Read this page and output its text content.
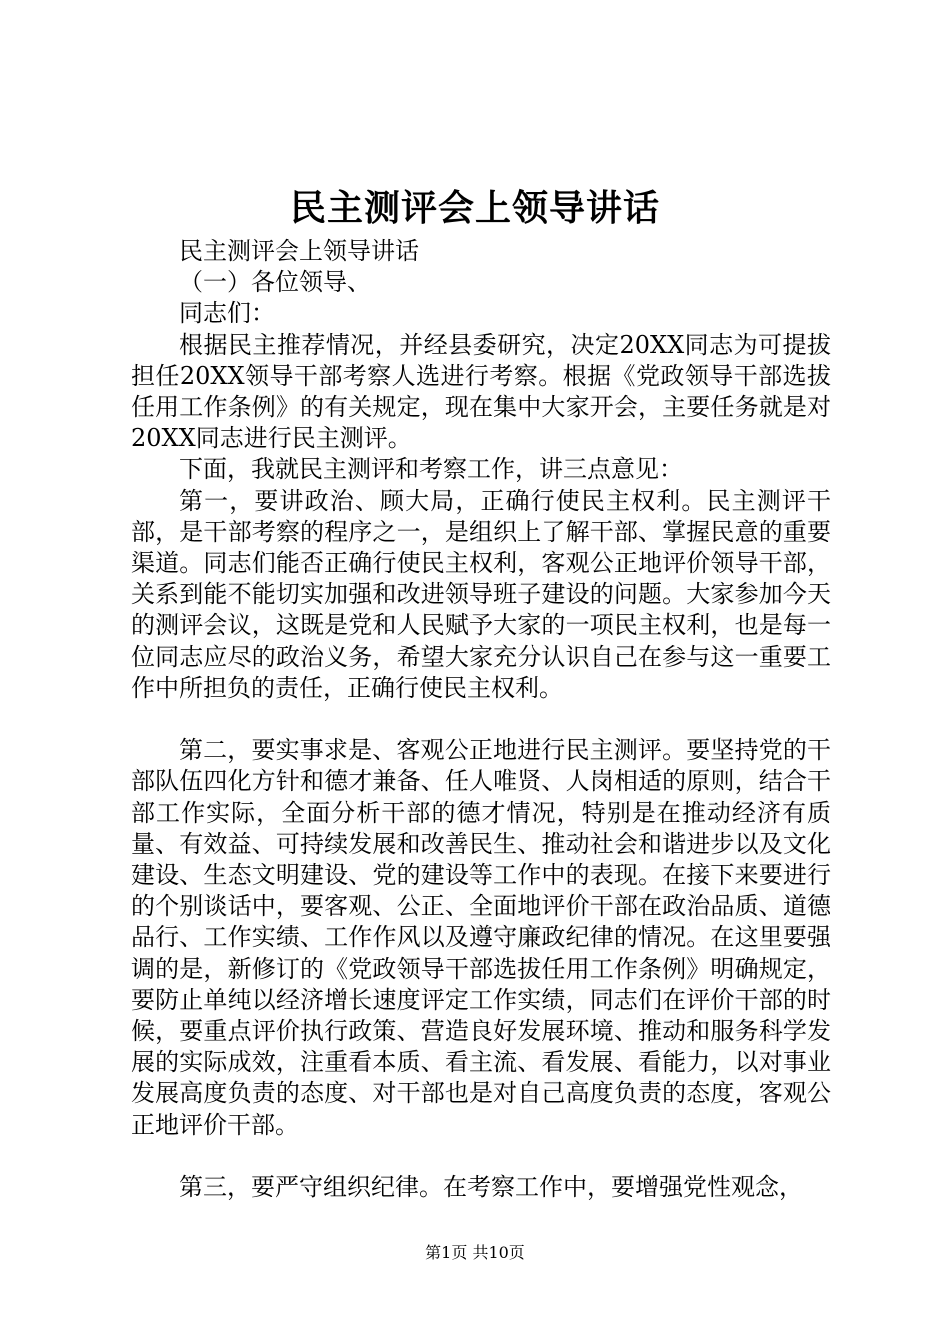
民主测评会上领导讲话

民主测评会上领导讲话

（一）各位领导、

同志们：

根据民主推荐情况，并经县委研究，决定20XX同志为可提拔担任20XX领导干部考察人选进行考察。根据《党政领导干部选拔任用工作条例》的有关规定，现在集中大家开会，主要任务就是对20XX同志进行民主测评。

下面，我就民主测评和考察工作，讲三点意见：

第一，要讲政治、顾大局，正确行使民主权利。民主测评干部，是干部考察的程序之一，是组织上了解干部、掌握民意的重要渠道。同志们能否正确行使民主权利，客观公正地评价领导干部，关系到能不能切实加强和改进领导班子建设的问题。大家参加今天的测评会议，这既是党和人民赋予大家的一项民主权利，也是每一位同志应尽的政治义务，希望大家充分认识自己在参与这一重要工作中所担负的责任，正确行使民主权利。

第二，要实事求是、客观公正地进行民主测评。要坚持党的干部队伍四化方针和德才兼备、任人唯贤、人岗相适的原则，结合干部工作实际，全面分析干部的德才情况，特别是在推动经济有质量、有效益、可持续发展和改善民生、推动社会和谐进步以及文化建设、生态文明建设、党的建设等工作中的表现。在接下来要进行的个别谈话中，要客观、公正、全面地评价干部在政治品质、道德品行、工作实绩、工作作风以及遵守廉政纪律的情况。在这里要强调的是，新修订的《党政领导干部选拔任用工作条例》明确规定，要防止单纯以经济增长速度评定工作实绩，同志们在评价干部的时候，要重点评价执行政策、营造良好发展环境、推动和服务科学发展的实际成效，注重看本质、看主流、看发展、看能力，以对事业发展高度负责的态度、对干部也是对自己高度负责的态度，客观公正地评价干部。

第三，要严守组织纪律。在考察工作中，要增强党性观念，

第1页 共10页
